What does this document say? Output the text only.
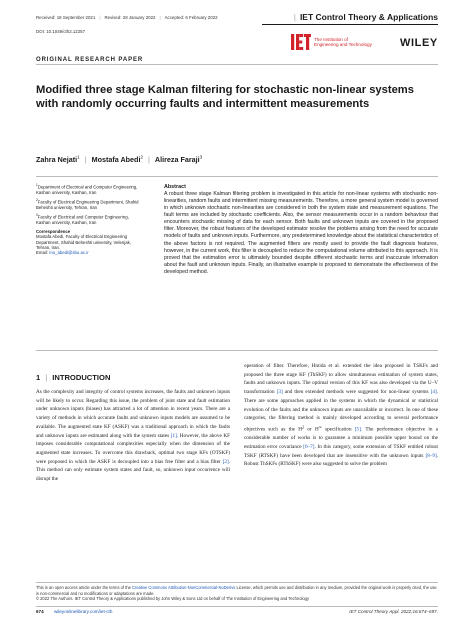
Received: 18 September 2021 | Revised: 28 January 2022 | Accepted: 6 February 2022	| IET Control Theory & Applications
DOI: 10.1049/cth2.12257
The Institution of
Engineering and Technology	WILEY
ORIGINAL RESEARCH PAPER
Modified three stage Kalman filtering for stochastic non-linear systems with randomly occurring faults and intermittent measurements
Zahra Nejati$^1$ | Mostafa Abedi$^2$ | Alireza Faraji$^3$
$^1$Department of Electrical and Computer Engineering, Kashan university, Kashan, Iran
$^2$Faculty of Electrical Engineering Department, Shahid Beheshti university, Tehran, Iran
$^3$Faculty of Electrical and Computer Engineering, Kashan university, Kashan, Iran
Correspondence
Mostafa Abedi, Faculty of Electrical Engineering Department, Shahid Beheshti university, Velenjak, Tehran, Iran.
Email: mo_abedi@sbu.ac.ir
Abstract
A robust three stage Kalman filtering problem is investigated in this article for non-linear systems with stochastic non-linearities, random faults and intermittent missing measurements. Therefore, a more general system model is governed in which unknown stochastic non-linearities are considered in both the system state and measurement equations. The fault terms are included by stochastic coefficients. Also, the sensor measurements occur in a random behaviour that encounters stochastic missing of data for each sensor. Both faults and unknown inputs are covered in the proposed filter. Moreover, the robust features of the developed estimator resolve the problems arising from the need for accurate models of faults and unknown inputs. Furthermore, any predetermined knowledge about the statistical characteristics of the above factors is not required. The augmented filters are mostly used to provide the fault diagnosis features, however, in the current work, this filter is decoupled to reduce the computational volume attributed to this approach. It is proved that the estimation error is ultimately bounded despite different stochastic terms and inaccurate information about the fault and unknown inputs. Finally, an illustrative example is proposed to demonstrate the effectiveness of the developed method.
1 | INTRODUCTION
As the complexity and integrity of control systems increases, the faults and unknown inputs will be likely to occur. Regarding this issue, the problem of joint state and fault estimation under unknown inputs (biases) has attracted a lot of attention in recent years. There are a variety of methods in which accurate faults and unknown inputs models are assumed to be available. The augmented state KF (ASKF) was a traditional approach in which the faults and unknown inputs are estimated along with the system states [1]. However, the above KF imposes considerable computational complexities especially when the dimension of the augmented state increases. To overcome this drawback, optimal two stage KFs (OTSKF) were proposed in which the ASKF is decoupled into a bias free filter and a bias filter [2]. This method can only estimate system states and fault, so, unknown input occurrence will disrupt the
operation of filter. Therefore, Hmida et al. extended the idea proposed in TSKFs and proposed the three stage KF (ThSKF) to allow simultaneous estimation of system states, faults and unknown inputs. The optimal version of this KF was also developed via the U–V transformation [3] and then extended methods were suggested for non-linear systems [4]. There are some approaches applied in the systems in which the dynamical or statistical evolution of the faults and the unknown inputs are unavailable or incorrect. In one of these categories, the filtering method is mainly developed according to several performance objectives such as the $H^2$ or H∞ specification [5]. The performance objective in a considerable number of works is to guarantee a minimum possible upper bound on the estimation error covariance [6–7]. In this category, some extension of TSKF entitled robust TSKF (RTSKF) have been developed that are insensitive with the unknown inputs [8–9]. Robust ThSKFs (RThSKF) were also suggested to solve the problem
This is an open access article under the terms of the Creative Commons Attribution-NonCommercial-NoDerivs License, which permits use and distribution in any medium, provided the original work is properly cited, the use is non-commercial and no modifications or adaptations are made.
© 2022 The Authors. IET Control Theory & Applications published by John Wiley & Sons Ltd on behalf of The Institution of Engineering and Technology
674 wileyonlinelibrary.com/iet-cth	IET Control Theory Appl. 2022;16:674–697.
